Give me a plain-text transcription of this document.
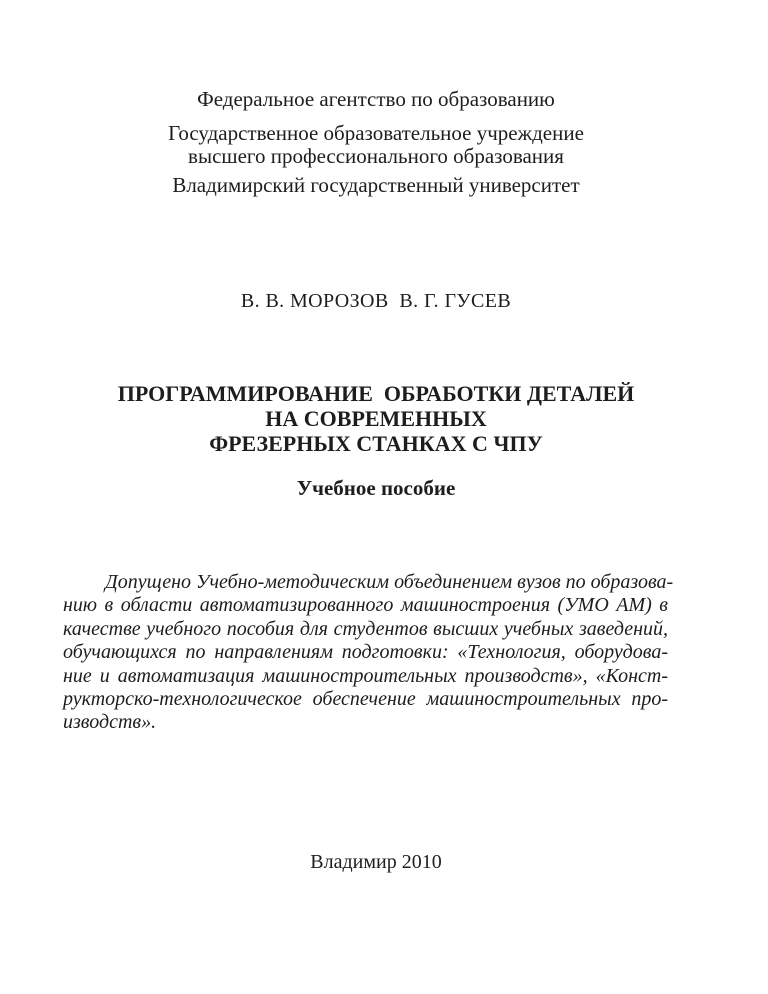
Федеральное агентство по образованию
Государственное образовательное учреждение
высшего профессионального образования
Владимирский государственный университет
В. В. МОРОЗОВ  В. Г. ГУСЕВ
ПРОГРАММИРОВАНИЕ  ОБРАБОТКИ ДЕТАЛЕЙ
НА СОВРЕМЕННЫХ
ФРЕЗЕРНЫХ СТАНКАХ С ЧПУ
Учебное пособие
Допущено Учебно-методическим объединением вузов по образова-
нию в области автоматизированного машиностроения (УМО АМ) в
качестве учебного пособия для студентов высших учебных заведений,
обучающихся по направлениям подготовки: «Технология, оборудова-
ние и автоматизация машиностроительных производств», «Конст-
рукторско-технологическое обеспечение машиностроительных про-
изводств».
Владимир 2010
